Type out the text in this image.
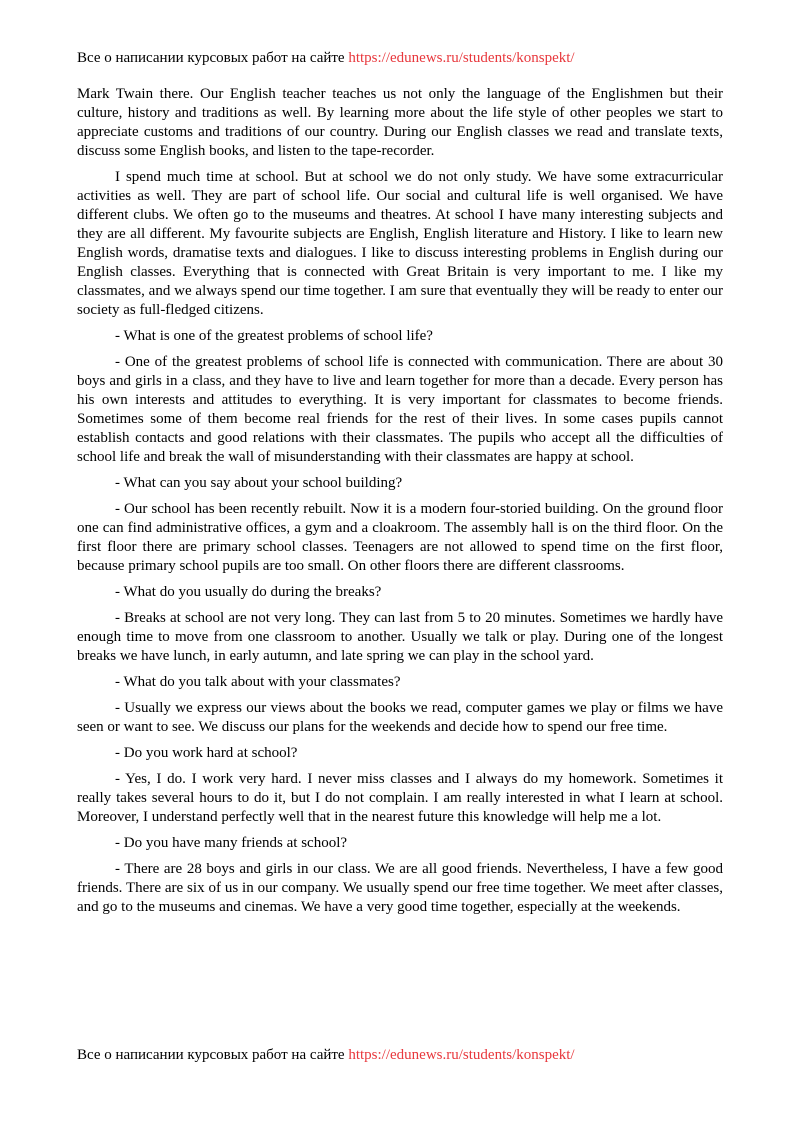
Все о написании курсовых работ на сайте https://edunews.ru/students/konspekt/

Mark Twain there. Our English teacher teaches us not only the language of the Englishmen but their culture, history and traditions as well. By learning more about the life style of other peoples we start to appreciate customs and traditions of our country. During our English classes we read and translate texts, discuss some English books, and listen to the tape-recorder.

I spend much time at school. But at school we do not only study. We have some extracurricular activities as well. They are part of school life. Our social and cultural life is well organised. We have different clubs. We often go to the museums and theatres. At school I have many interesting subjects and they are all different. My favourite subjects are English, English literature and History. I like to learn new English words, dramatise texts and dialogues. I like to discuss interesting problems in English during our English classes. Everything that is connected with Great Britain is very important to me. I like my classmates, and we always spend our time together. I am sure that eventually they will be ready to enter our society as full-fledged citizens.

- What is one of the greatest problems of school life?

- One of the greatest problems of school life is connected with communication. There are about 30 boys and girls in a class, and they have to live and learn together for more than a decade. Every person has his own interests and attitudes to everything. It is very important for classmates to become friends. Sometimes some of them become real friends for the rest of their lives. In some cases pupils cannot establish contacts and good relations with their classmates. The pupils who accept all the difficulties of school life and break the wall of misunderstanding with their classmates are happy at school.

- What can you say about your school building?

- Our school has been recently rebuilt. Now it is a modern four-storied building. On the ground floor one can find administrative offices, a gym and a cloakroom. The assembly hall is on the third floor. On the first floor there are primary school classes. Teenagers are not allowed to spend time on the first floor, because primary school pupils are too small. On other floors there are different classrooms.

- What do you usually do during the breaks?

- Breaks at school are not very long. They can last from 5 to 20 minutes. Sometimes we hardly have enough time to move from one classroom to another. Usually we talk or play. During one of the longest breaks we have lunch, in early autumn, and late spring we can play in the school yard.

- What do you talk about with your classmates?

- Usually we express our views about the books we read, computer games we play or films we have seen or want to see. We discuss our plans for the weekends and decide how to spend our free time.

- Do you work hard at school?

- Yes, I do. I work very hard. I never miss classes and I always do my homework. Sometimes it really takes several hours to do it, but I do not complain. I am really interested in what I learn at school. Moreover, I understand perfectly well that in the nearest future this knowledge will help me a lot.

- Do you have many friends at school?

- There are 28 boys and girls in our class. We are all good friends. Nevertheless, I have a few good friends. There are six of us in our company. We usually spend our free time together. We meet after classes, and go to the museums and cinemas. We have a very good time together, especially at the weekends.

Все о написании курсовых работ на сайте https://edunews.ru/students/konspekt/
